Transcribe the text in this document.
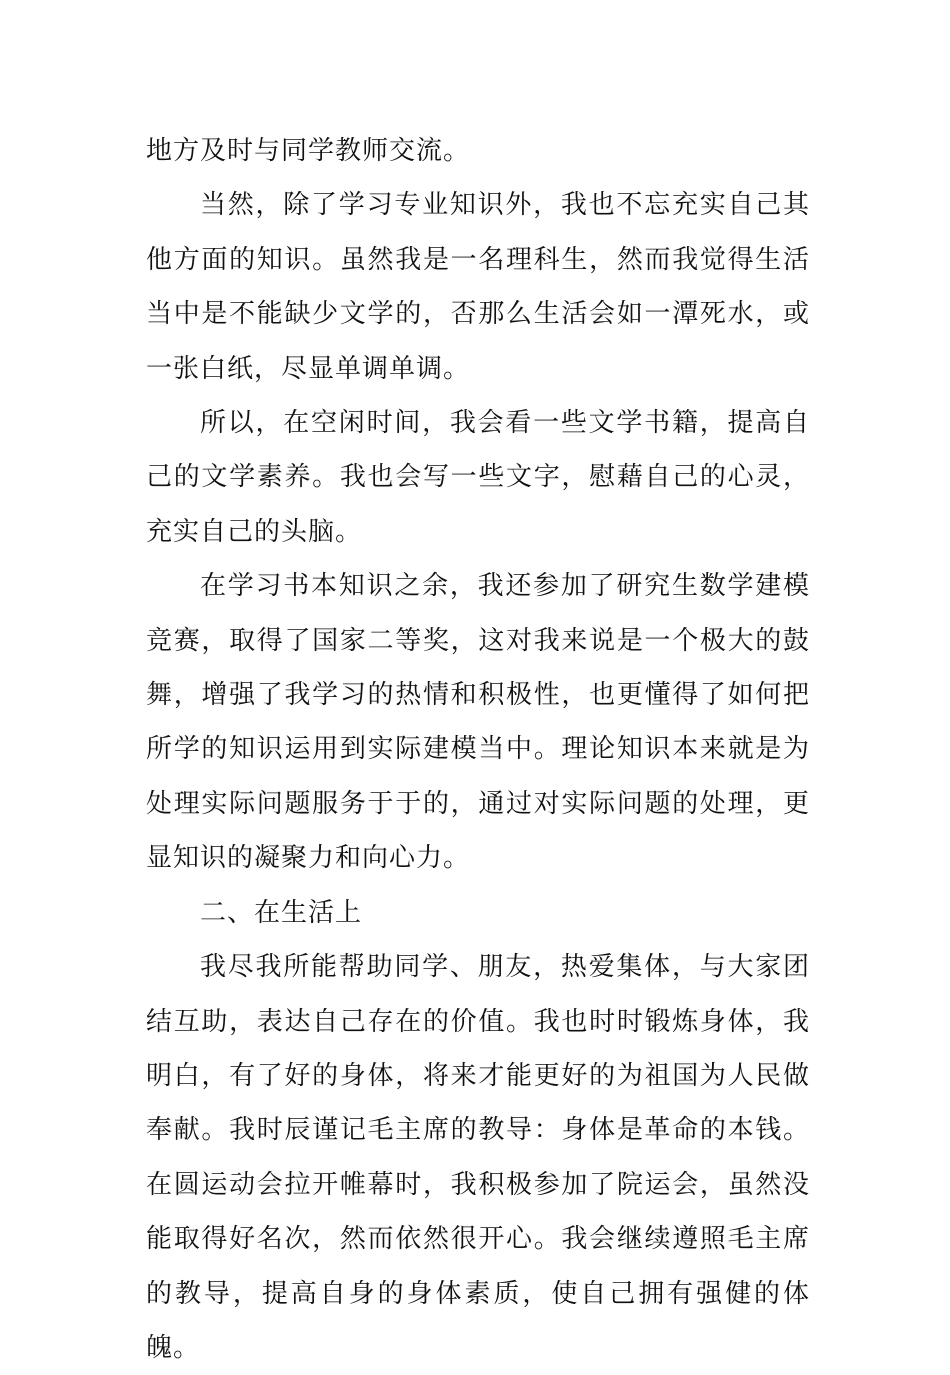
地方及时与同学教师交流。

当然，除了学习专业知识外，我也不忘充实自己其他方面的知识。虽然我是一名理科生，然而我觉得生活当中是不能缺少文学的，否那么生活会如一潭死水，或一张白纸，尽显单调单调。

所以，在空闲时间，我会看一些文学书籍，提高自己的文学素养。我也会写一些文字，慰藉自己的心灵，充实自己的头脑。

在学习书本知识之余，我还参加了研究生数学建模竞赛，取得了国家二等奖，这对我来说是一个极大的鼓舞，增强了我学习的热情和积极性，也更懂得了如何把所学的知识运用到实际建模当中。理论知识本来就是为处理实际问题服务于于的，通过对实际问题的处理，更显知识的凝聚力和向心力。

二、在生活上

我尽我所能帮助同学、朋友，热爱集体，与大家团结互助，表达自己存在的价值。我也时时锻炼身体，我明白，有了好的身体，将来才能更好的为祖国为人民做奉献。我时辰谨记毛主席的教导：身体是革命的本钱。在圆运动会拉开帷幕时，我积极参加了院运会，虽然没能取得好名次，然而依然很开心。我会继续遵照毛主席的教导，提高自身的身体素质，使自己拥有强健的体魄。
